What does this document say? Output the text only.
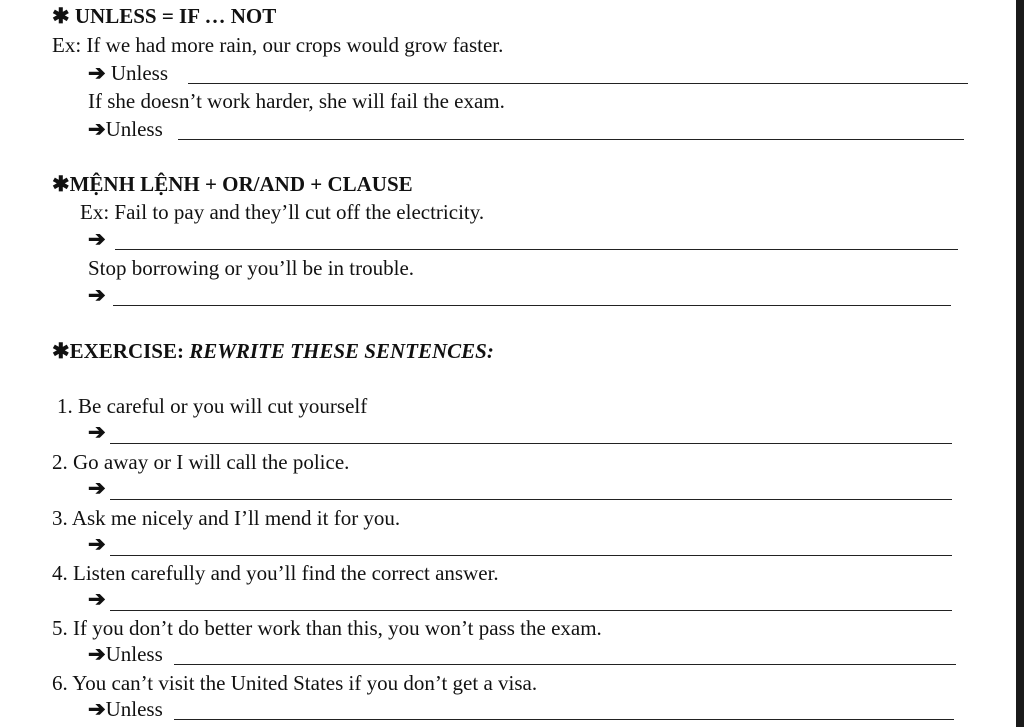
✱ UNLESS = IF … NOT
Ex: If we had more rain, our crops would grow faster.
➔ Unless
If she doesn’t work harder, she will fail the exam.
➔Unless
✱MỆNH LỆNH + OR/AND + CLAUSE
Ex: Fail to pay and they’ll cut off the electricity.
➔
Stop borrowing or you’ll be in trouble.
➔
✱EXERCISE: REWRITE THESE SENTENCES:
1. Be careful or you will cut yourself
➔
2. Go away or I will call the police.
➔
3. Ask me nicely and I’ll mend it for you.
➔
4. Listen carefully and you’ll find the correct answer.
➔
5. If you don’t do better work than this, you won’t pass the exam.
➔Unless
6. You can’t visit the United States if you don’t get a visa.
➔Unless
